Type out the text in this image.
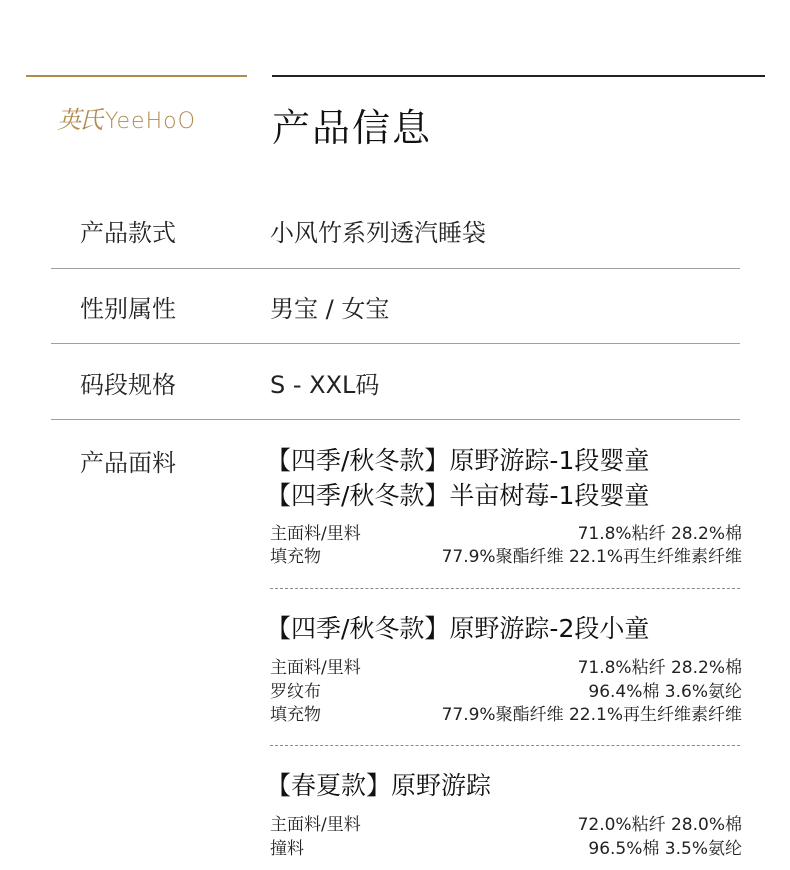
英氏 YeeHoO 产品信息
产品款式	小风竹系列透汽睡袋
性别属性	男宝 / 女宝
码段规格	S - XXL码
产品面料	【四季/秋冬款】原野游踪-1段婴童
【四季/秋冬款】半亩树莓-1段婴童
主面料/里料	71.8%粘纤 28.2%棉
填充物	77.9%聚酯纤维 22.1%再生纤维素纤维
【四季/秋冬款】原野游踪-2段小童
主面料/里料	71.8%粘纤 28.2%棉
罗纹布	96.4%棉 3.6%氨纶
填充物	77.9%聚酯纤维 22.1%再生纤维素纤维
【春夏款】原野游踪
主面料/里料	72.0%粘纤 28.0%棉
撞料	96.5%棉 3.5%氨纶
